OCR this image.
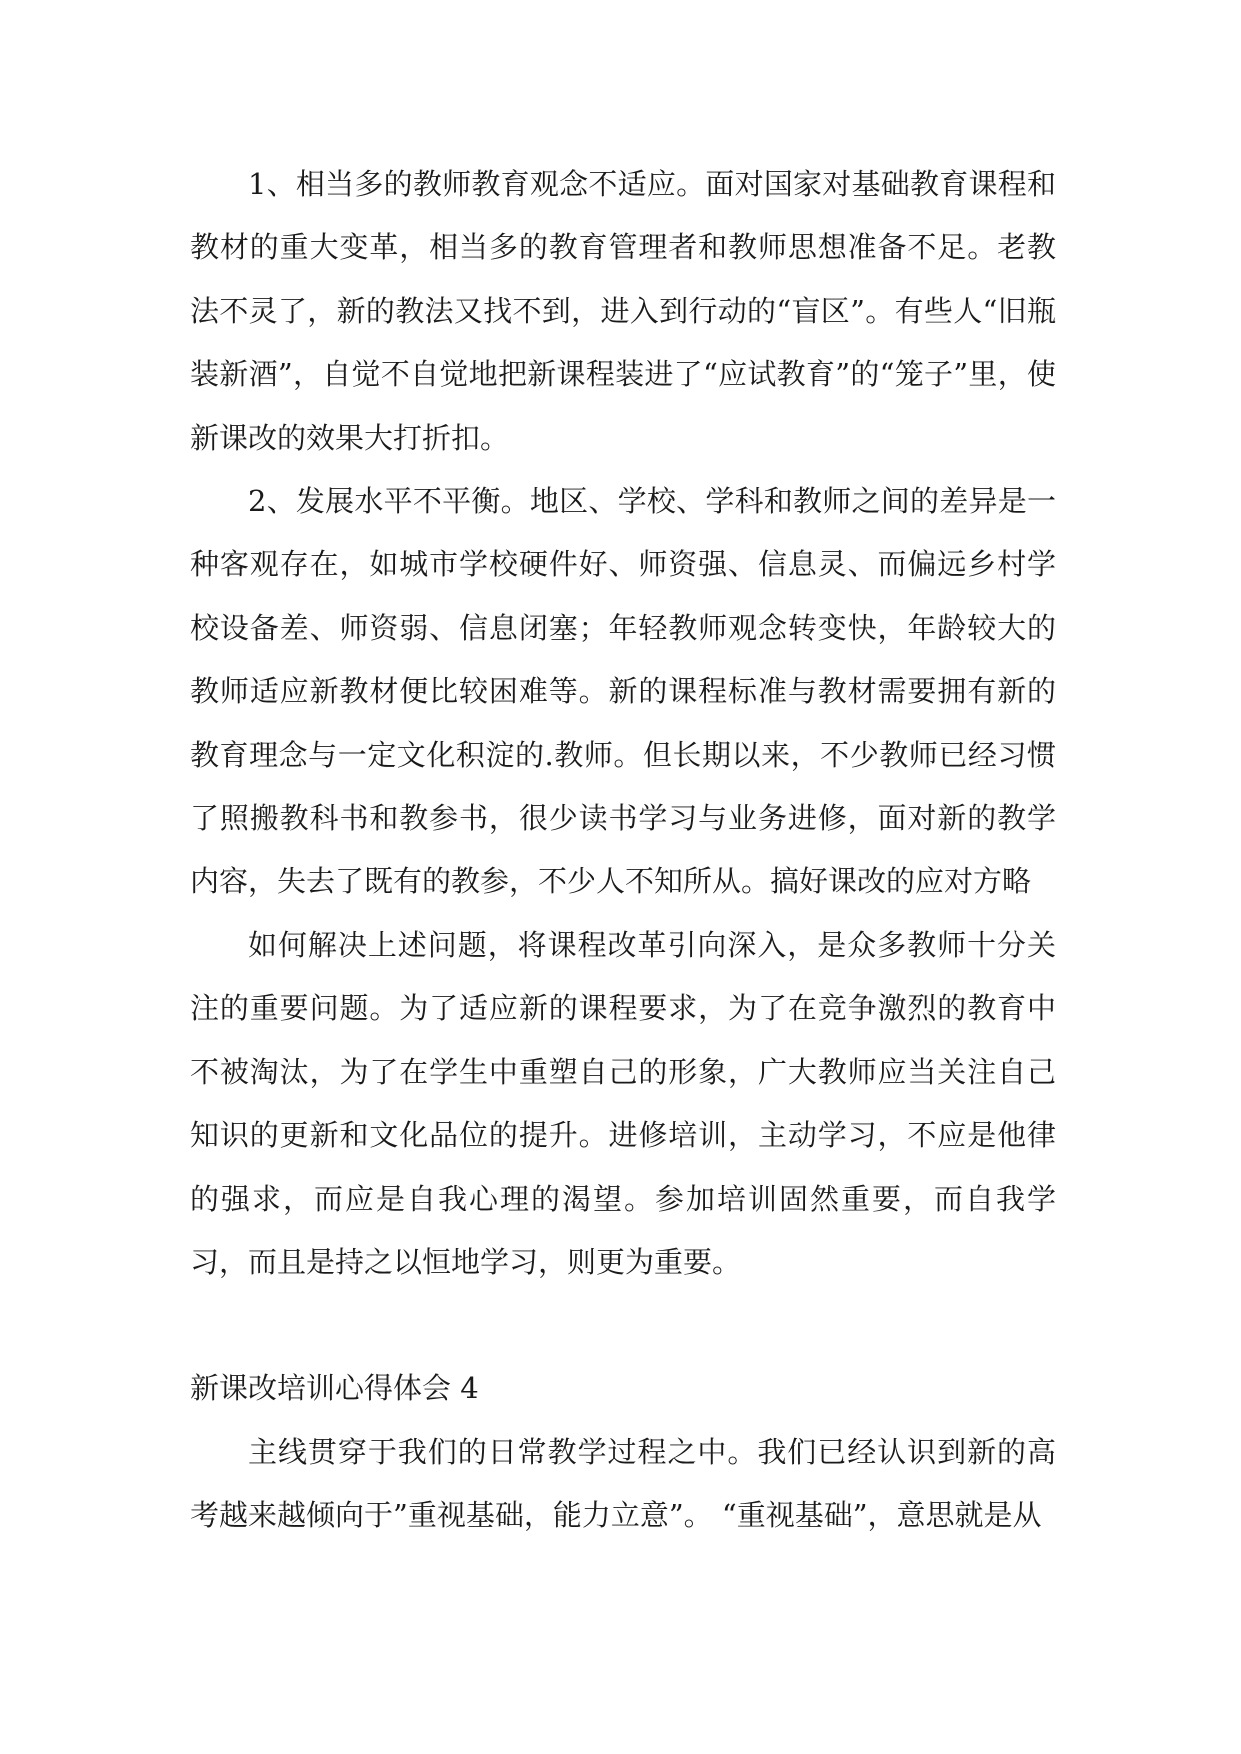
1、相当多的教师教育观念不适应。面对国家对基础教育课程和教材的重大变革，相当多的教育管理者和教师思想准备不足。老教法不灵了，新的教法又找不到，进入到行动的“盲区”。有些人“旧瓶装新酒”，自觉不自觉地把新课程装进了“应试教育”的“笼子”里，使新课改的效果大打折扣。

2、发展水平不平衡。地区、学校、学科和教师之间的差异是一种客观存在，如城市学校硬件好、师资强、信息灵、而偏远乡村学校设备差、师资弱、信息闭塞；年轻教师观念转变快，年龄较大的教师适应新教材便比较困难等。新的课程标准与教材需要拥有新的教育理念与一定文化积淀的.教师。但长期以来，不少教师已经习惯了照搬教科书和教参书，很少读书学习与业务进修，面对新的教学内容，失去了既有的教参，不少人不知所从。搞好课改的应对方略

如何解决上述问题，将课程改革引向深入，是众多教师十分关注的重要问题。为了适应新的课程要求，为了在竞争激烈的教育中不被淘汰，为了在学生中重塑自己的形象，广大教师应当关注自己知识的更新和文化品位的提升。进修培训，主动学习，不应是他律的强求，而应是自我心理的渴望。参加培训固然重要，而自我学习，而且是持之以恒地学习，则更为重要。

新课改培训心得体会 4

主线贯穿于我们的日常教学过程之中。我们已经认识到新的高考越来越倾向于”重视基础，能力立意”。 “重视基础”，意思就是从
